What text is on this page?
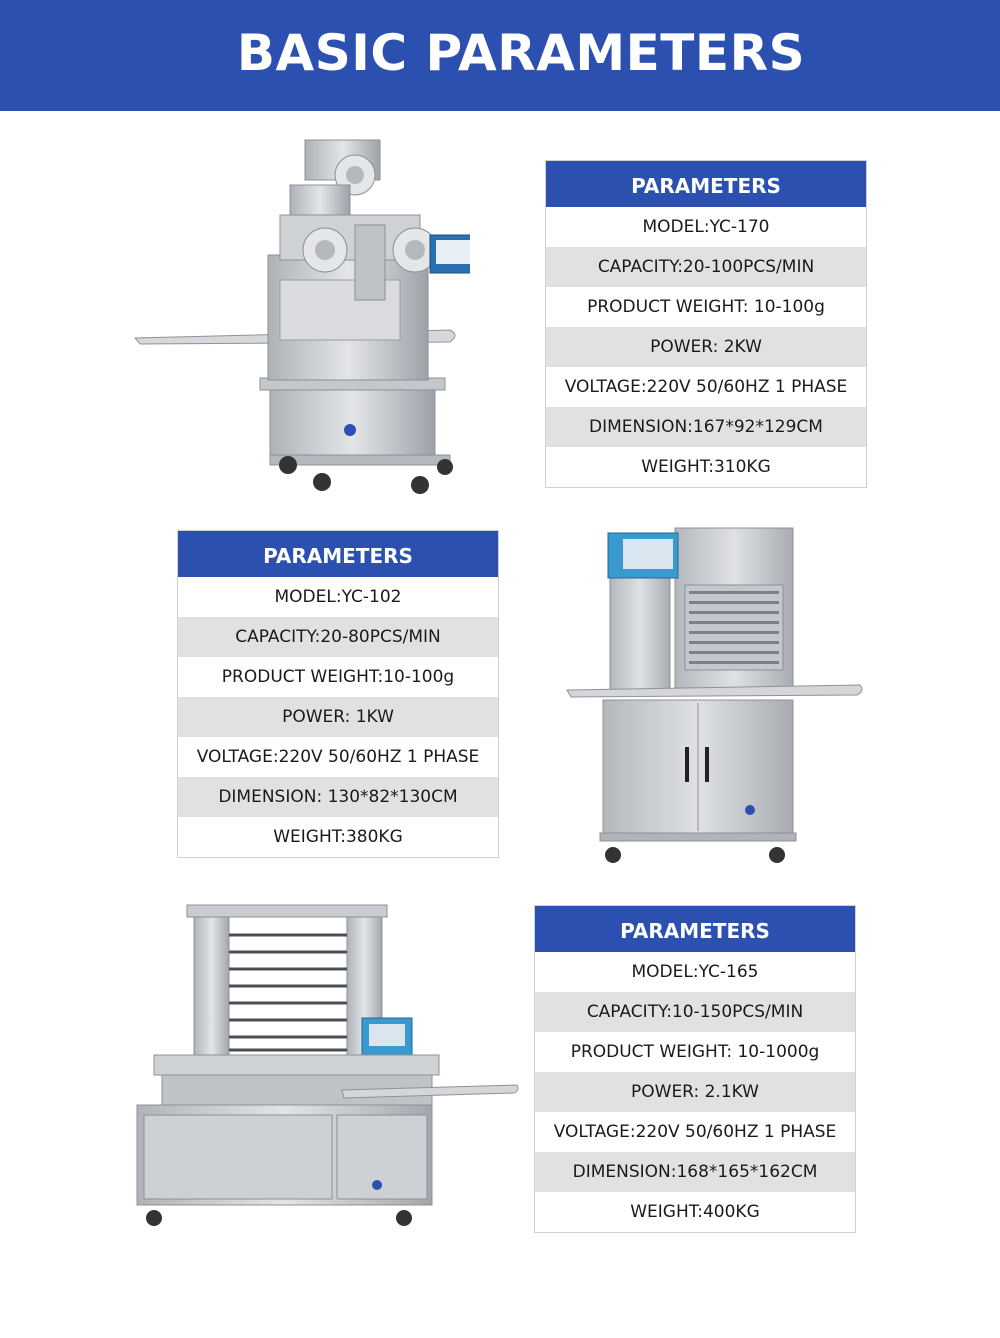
BASIC PARAMETERS
PARAMETERS
MODEL:YC-170
CAPACITY:20-100PCS/MIN
PRODUCT WEIGHT: 10-100g
POWER: 2KW
VOLTAGE:220V 50/60HZ 1 PHASE
DIMENSION:167*92*129CM
WEIGHT:310KG
PARAMETERS
MODEL:YC-102
CAPACITY:20-80PCS/MIN
PRODUCT WEIGHT:10-100g
POWER: 1KW
VOLTAGE:220V 50/60HZ 1 PHASE
DIMENSION: 130*82*130CM
WEIGHT:380KG
PARAMETERS
MODEL:YC-165
CAPACITY:10-150PCS/MIN
PRODUCT WEIGHT: 10-1000g
POWER: 2.1KW
VOLTAGE:220V 50/60HZ 1 PHASE
DIMENSION:168*165*162CM
WEIGHT:400KG
